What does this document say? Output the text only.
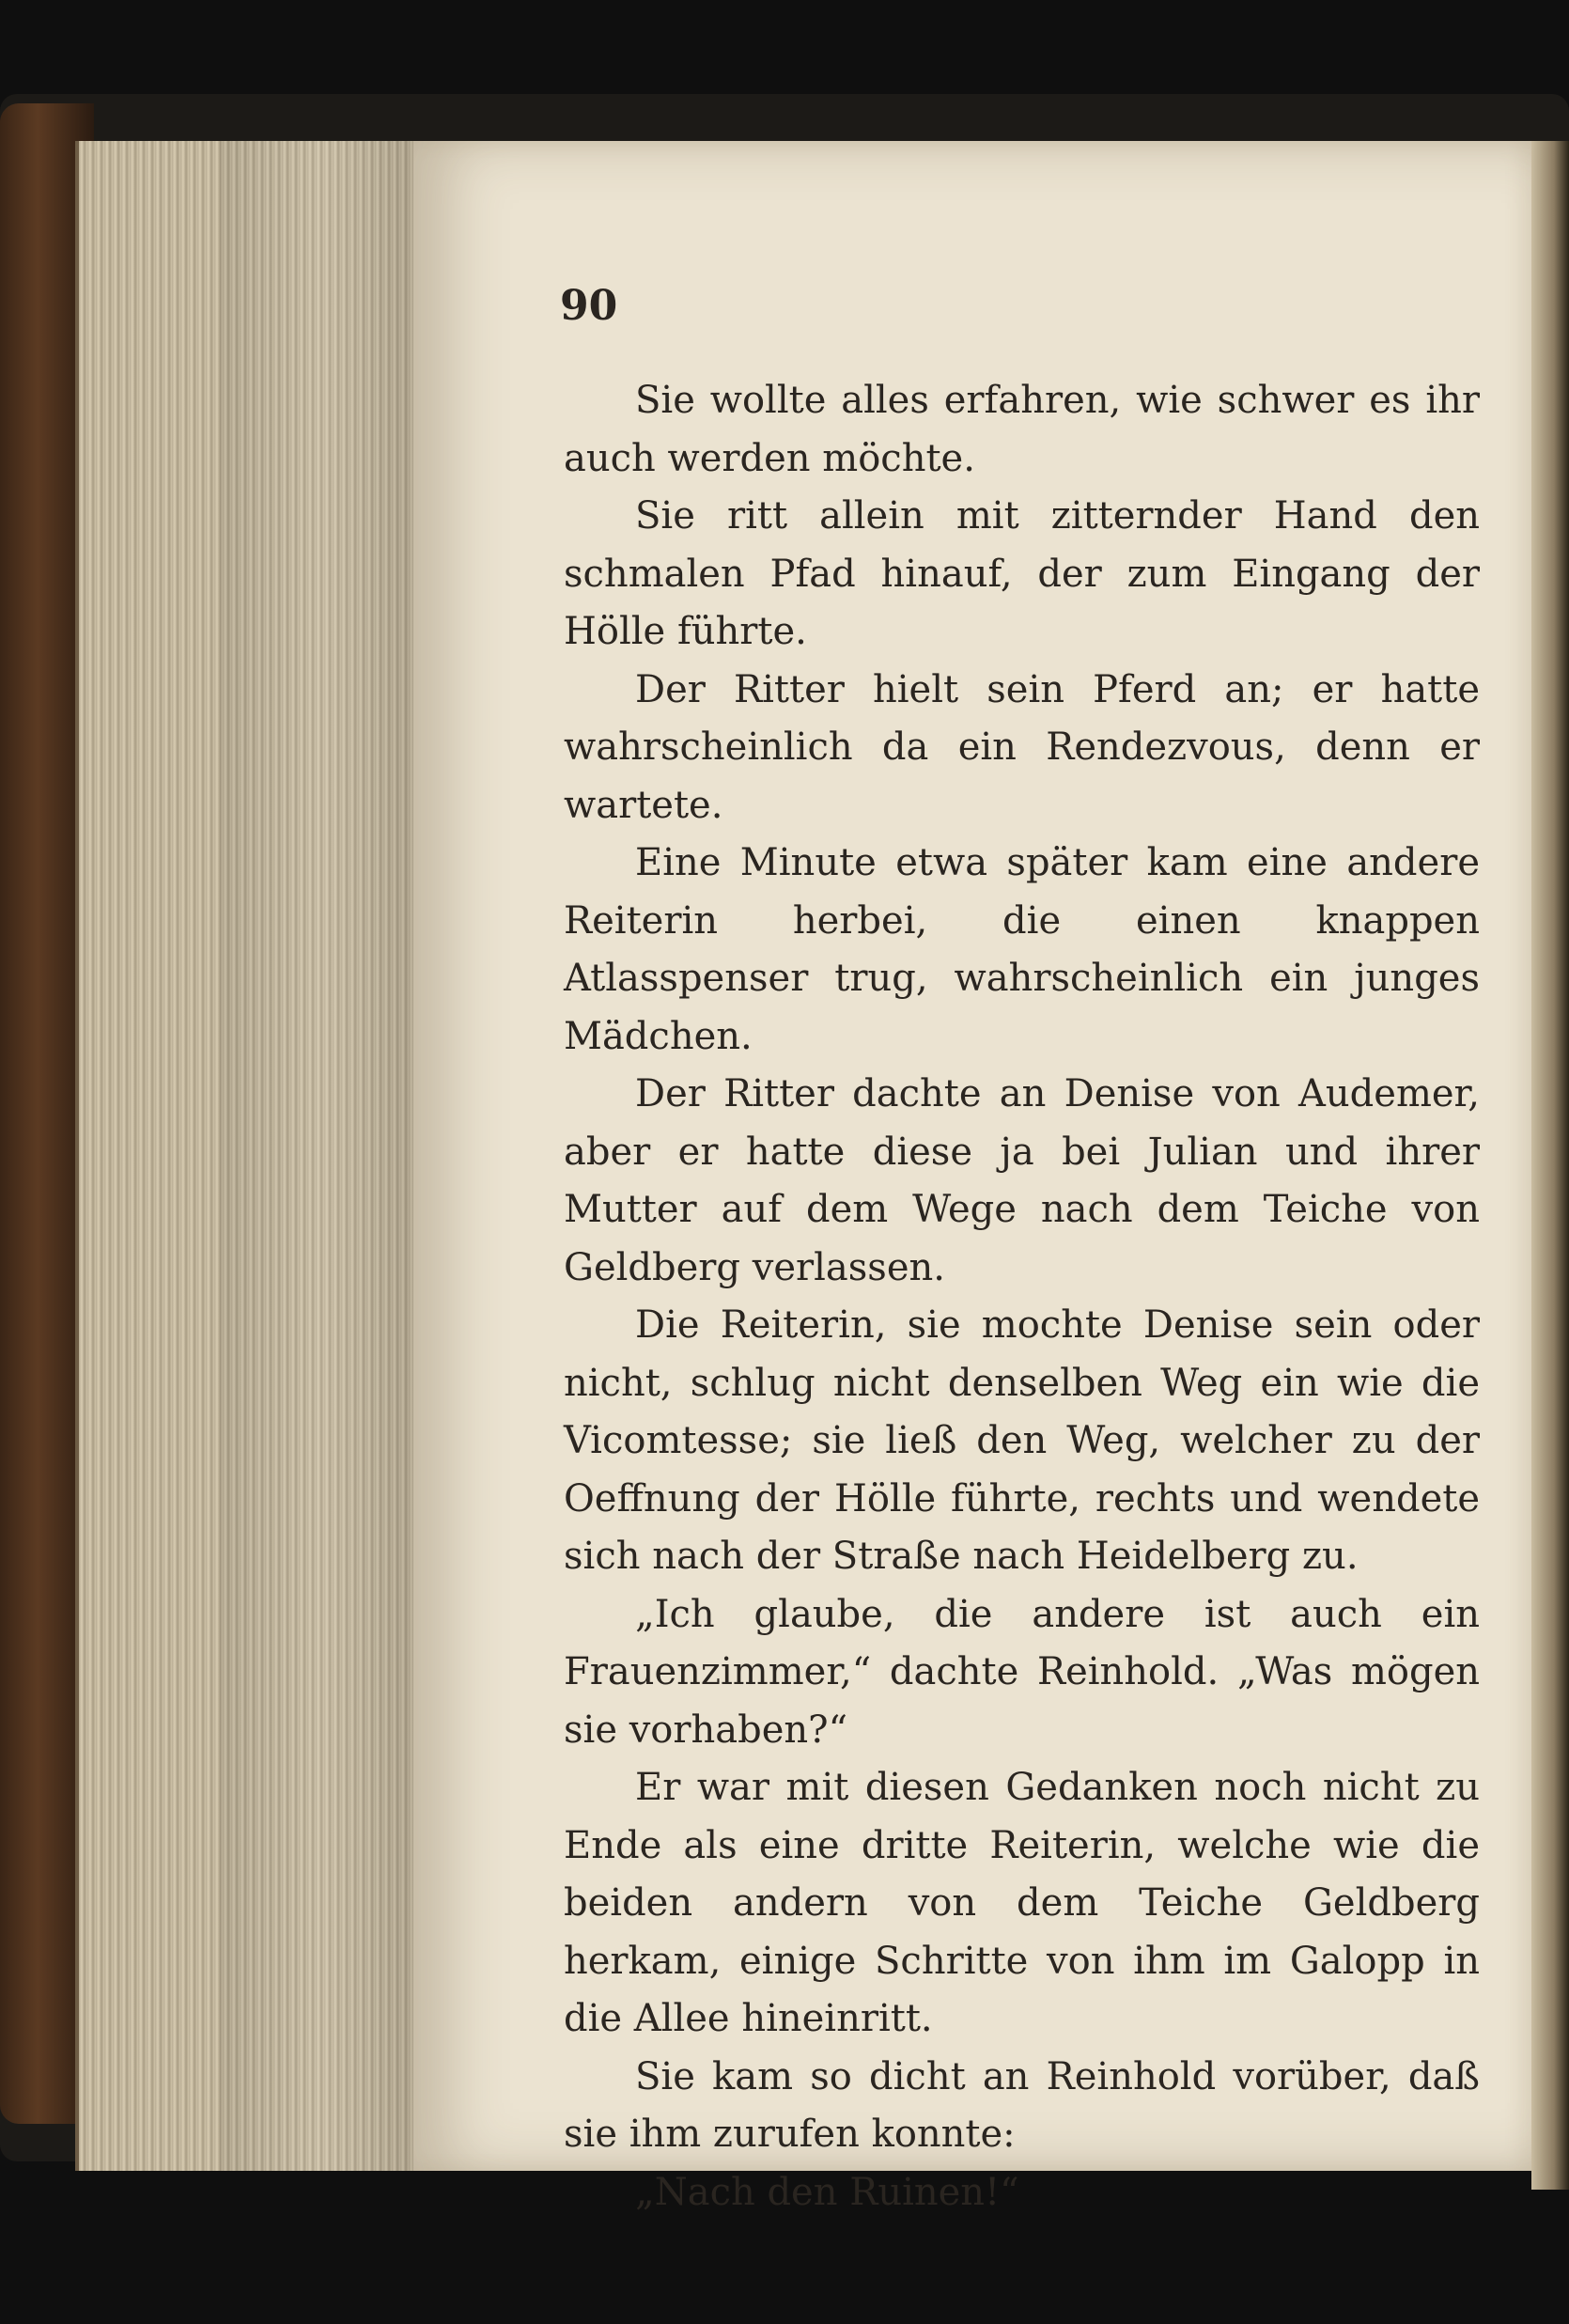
90

Sie wollte alles erfahren, wie schwer es ihr auch werden möchte.

Sie ritt allein mit zitternder Hand den schmalen Pfad hinauf, der zum Eingang der Hölle führte.

Der Ritter hielt sein Pferd an; er hatte wahrscheinlich da ein Rendezvous, denn er wartete.

Eine Minute etwa später kam eine andere Reiterin herbei, die einen knappen Atlasspenser trug, wahrscheinlich ein junges Mädchen.

Der Ritter dachte an Denise von Audemer, aber er hatte diese ja bei Julian und ihrer Mutter auf dem Wege nach dem Teiche von Geldberg verlassen.

Die Reiterin, sie mochte Denise sein oder nicht, schlug nicht denselben Weg ein wie die Vicomtesse; sie ließ den Weg, welcher zu der Oeffnung der Hölle führte, rechts und wendete sich nach der Straße nach Heidelberg zu.

„Ich glaube, die andere ist auch ein Frauenzimmer,“ dachte Reinhold. „Was mögen sie vorhaben?“

Er war mit diesen Gedanken noch nicht zu Ende als eine dritte Reiterin, welche wie die beiden andern von dem Teiche Geldberg herkam, einige Schritte von ihm im Galopp in die Allee hineinritt.

Sie kam so dicht an Reinhold vorüber, daß sie ihm zurufen konnte:

„Nach den Ruinen!“
